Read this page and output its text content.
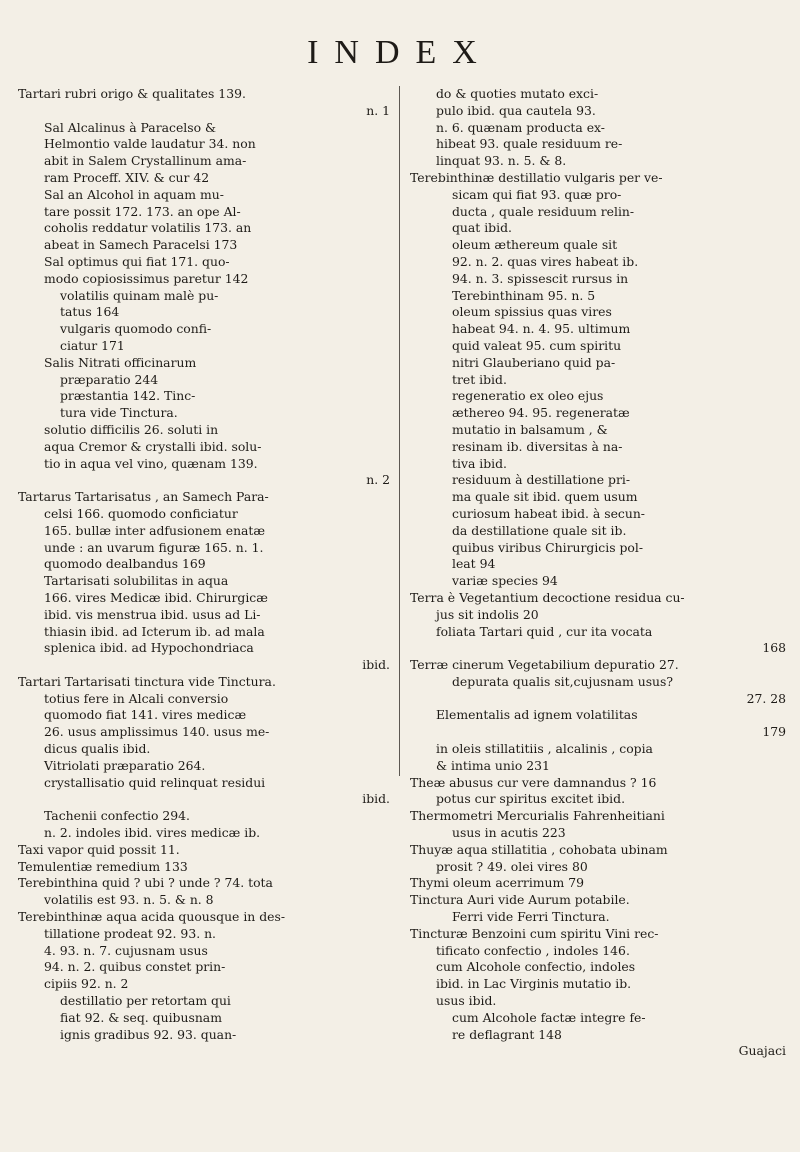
INDEX
Tartari rubri origo & qualitates 139.
n. 1
Sal Alcalinus à Paracelso &
Helmontio valde laudatur 34. non
abit in Salem Crystallinum ama-
ram Proceff. XIV. & cur 42
Sal an Alcohol in aquam mu-
tare possit 172. 173. an ope Al-
coholis reddatur volatilis 173. an
abeat in Samech Paracelsi 173
Sal optimus qui fiat 171. quo-
modo copiosissimus paretur 142
volatilis quinam malè pu-
tatus 164
vulgaris quomodo confi-
ciatur 171
Salis Nitrati officinarum
præparatio 244
præstantia 142. Tinc-
tura vide Tinctura.
solutio difficilis 26. soluti in
aqua Cremor & crystalli ibid. solu-
tio in aqua vel vino, quænam 139.
n. 2
Tartarus Tartarisatus , an Samech Para-
celsi 166. quomodo conficiatur
165. bullæ inter adfusionem enatæ
unde : an uvarum figuræ 165. n. 1.
quomodo dealbandus 169
Tartarisati solubilitas in aqua
166. vires Medicæ ibid. Chirurgicæ
ibid. vis menstrua ibid. usus ad Li-
thiasin ibid. ad Icterum ib. ad mala
splenica ibid. ad Hypochondriaca
ibid.
Tartari Tartarisati tinctura vide Tinctura.
totius fere in Alcali conversio
quomodo fiat 141. vires medicæ
26. usus amplissimus 140. usus me-
dicus qualis ibid.
Vitriolati præparatio 264.
crystallisatio quid relinquat residui
ibid.
Tachenii confectio 294.
n. 2. indoles ibid. vires medicæ ib.
Taxi vapor quid possit 11.
Temulentiæ remedium 133
Terebinthina quid ? ubi ? unde ? 74. tota
volatilis est 93. n. 5. & n. 8
Terebinthinæ aqua acida quousque in des-
tillatione prodeat 92. 93. n.
4. 93. n. 7. cujusnam usus
94. n. 2. quibus constet prin-
cipiis 92. n. 2
destillatio per retortam qui
fiat 92. & seq. quibusnam
ignis gradibus 92. 93. quan-
do & quoties mutato exci-
pulo ibid. qua cautela 93.
n. 6. quænam producta ex-
hibeat 93. quale residuum re-
linquat 93. n. 5. & 8.
Terebinthinæ destillatio vulgaris per ve-
sicam qui fiat 93. quæ pro-
ducta , quale residuum relin-
quat ibid.
oleum æthereum quale sit
92. n. 2. quas vires habeat ib.
94. n. 3. spissescit rursus in
Terebinthinam 95. n. 5
oleum spissius quas vires
habeat 94. n. 4. 95. ultimum
quid valeat 95. cum spiritu
nitri Glauberiano quid pa-
tret ibid.
regeneratio ex oleo ejus
æthereo 94. 95. regeneratæ
mutatio in balsamum , &
resinam ib. diversitas à na-
tiva ibid.
residuum à destillatione pri-
ma quale sit ibid. quem usum
curiosum habeat ibid. à secun-
da destillatione quale sit ib.
quibus viribus Chirurgicis pol-
leat 94
variæ species 94
Terra è Vegetantium decoctione residua cu-
jus sit indolis 20
foliata Tartari quid , cur ita vocata
168
Terræ cinerum Vegetabilium depuratio 27.
depurata qualis sit,cujusnam usus?
27. 28
Elementalis ad ignem volatilitas
179
in oleis stillatitiis , alcalinis , copia
& intima unio 231
Theæ abusus cur vere damnandus ? 16
potus cur spiritus excitet ibid.
Thermometri Mercurialis Fahrenheitiani
usus in acutis 223
Thuyæ aqua stillatitia , cohobata ubinam
prosit ? 49. olei vires 80
Thymi oleum acerrimum 79
Tinctura Auri vide Aurum potabile.
Ferri vide Ferri Tinctura.
Tincturæ Benzoini cum spiritu Vini rec-
tificato confectio , indoles 146.
cum Alcohole confectio, indoles
ibid. in Lac Virginis mutatio ib.
usus ibid.
cum Alcohole factæ integre fe-
re deflagrant 148
Guajaci
